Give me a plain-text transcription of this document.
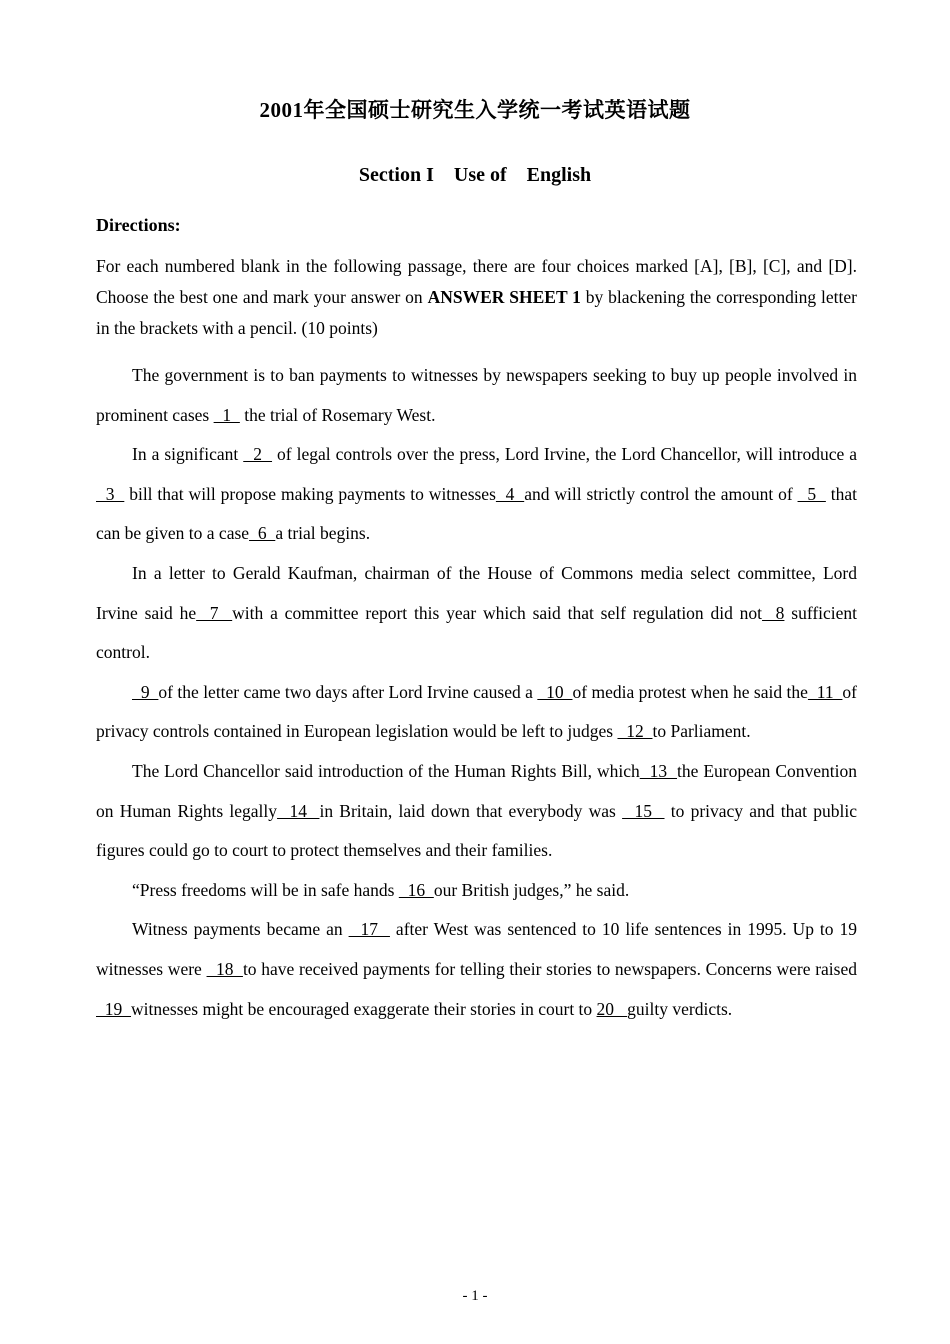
2001年全国硕士研究生入学统一考试英语试题
Section I    Use of    English
Directions:
For each numbered blank in the following passage, there are four choices marked [A], [B], [C], and [D]. Choose the best one and mark your answer on ANSWER SHEET 1 by blackening the corresponding letter in the brackets with a pencil. (10 points)

The government is to ban payments to witnesses by newspapers seeking to buy up people involved in prominent cases   1   the trial of Rosemary West.

In a significant   2   of legal controls over the press, Lord Irvine, the Lord Chancellor, will introduce a   3   bill that will propose making payments to witnesses  4  and will strictly control the amount of   5   that can be given to a case  6  a trial begins.

In a letter to Gerald Kaufman, chairman of the House of Commons media select committee, Lord Irvine said he  7  with a committee report this year which said that self regulation did not  8 sufficient control.

9  of the letter came two days after Lord Irvine caused a   10  of media protest when he said the  11  of privacy controls contained in European legislation would be left to judges   12  to Parliament.

The Lord Chancellor said introduction of the Human Rights Bill, which  13  the European Convention on Human Rights legally  14  in Britain, laid down that everybody was   15   to privacy and that public figures could go to court to protect themselves and their families.

“Press freedoms will be in safe hands   16  our British judges,” he said.

Witness payments became an   17   after West was sentenced to 10 life sentences in 1995. Up to 19 witnesses were   18  to have received payments for telling their stories to newspapers. Concerns were raised   19  witnesses might be encouraged exaggerate their stories in court to 20   guilty verdicts.

- 1 -
